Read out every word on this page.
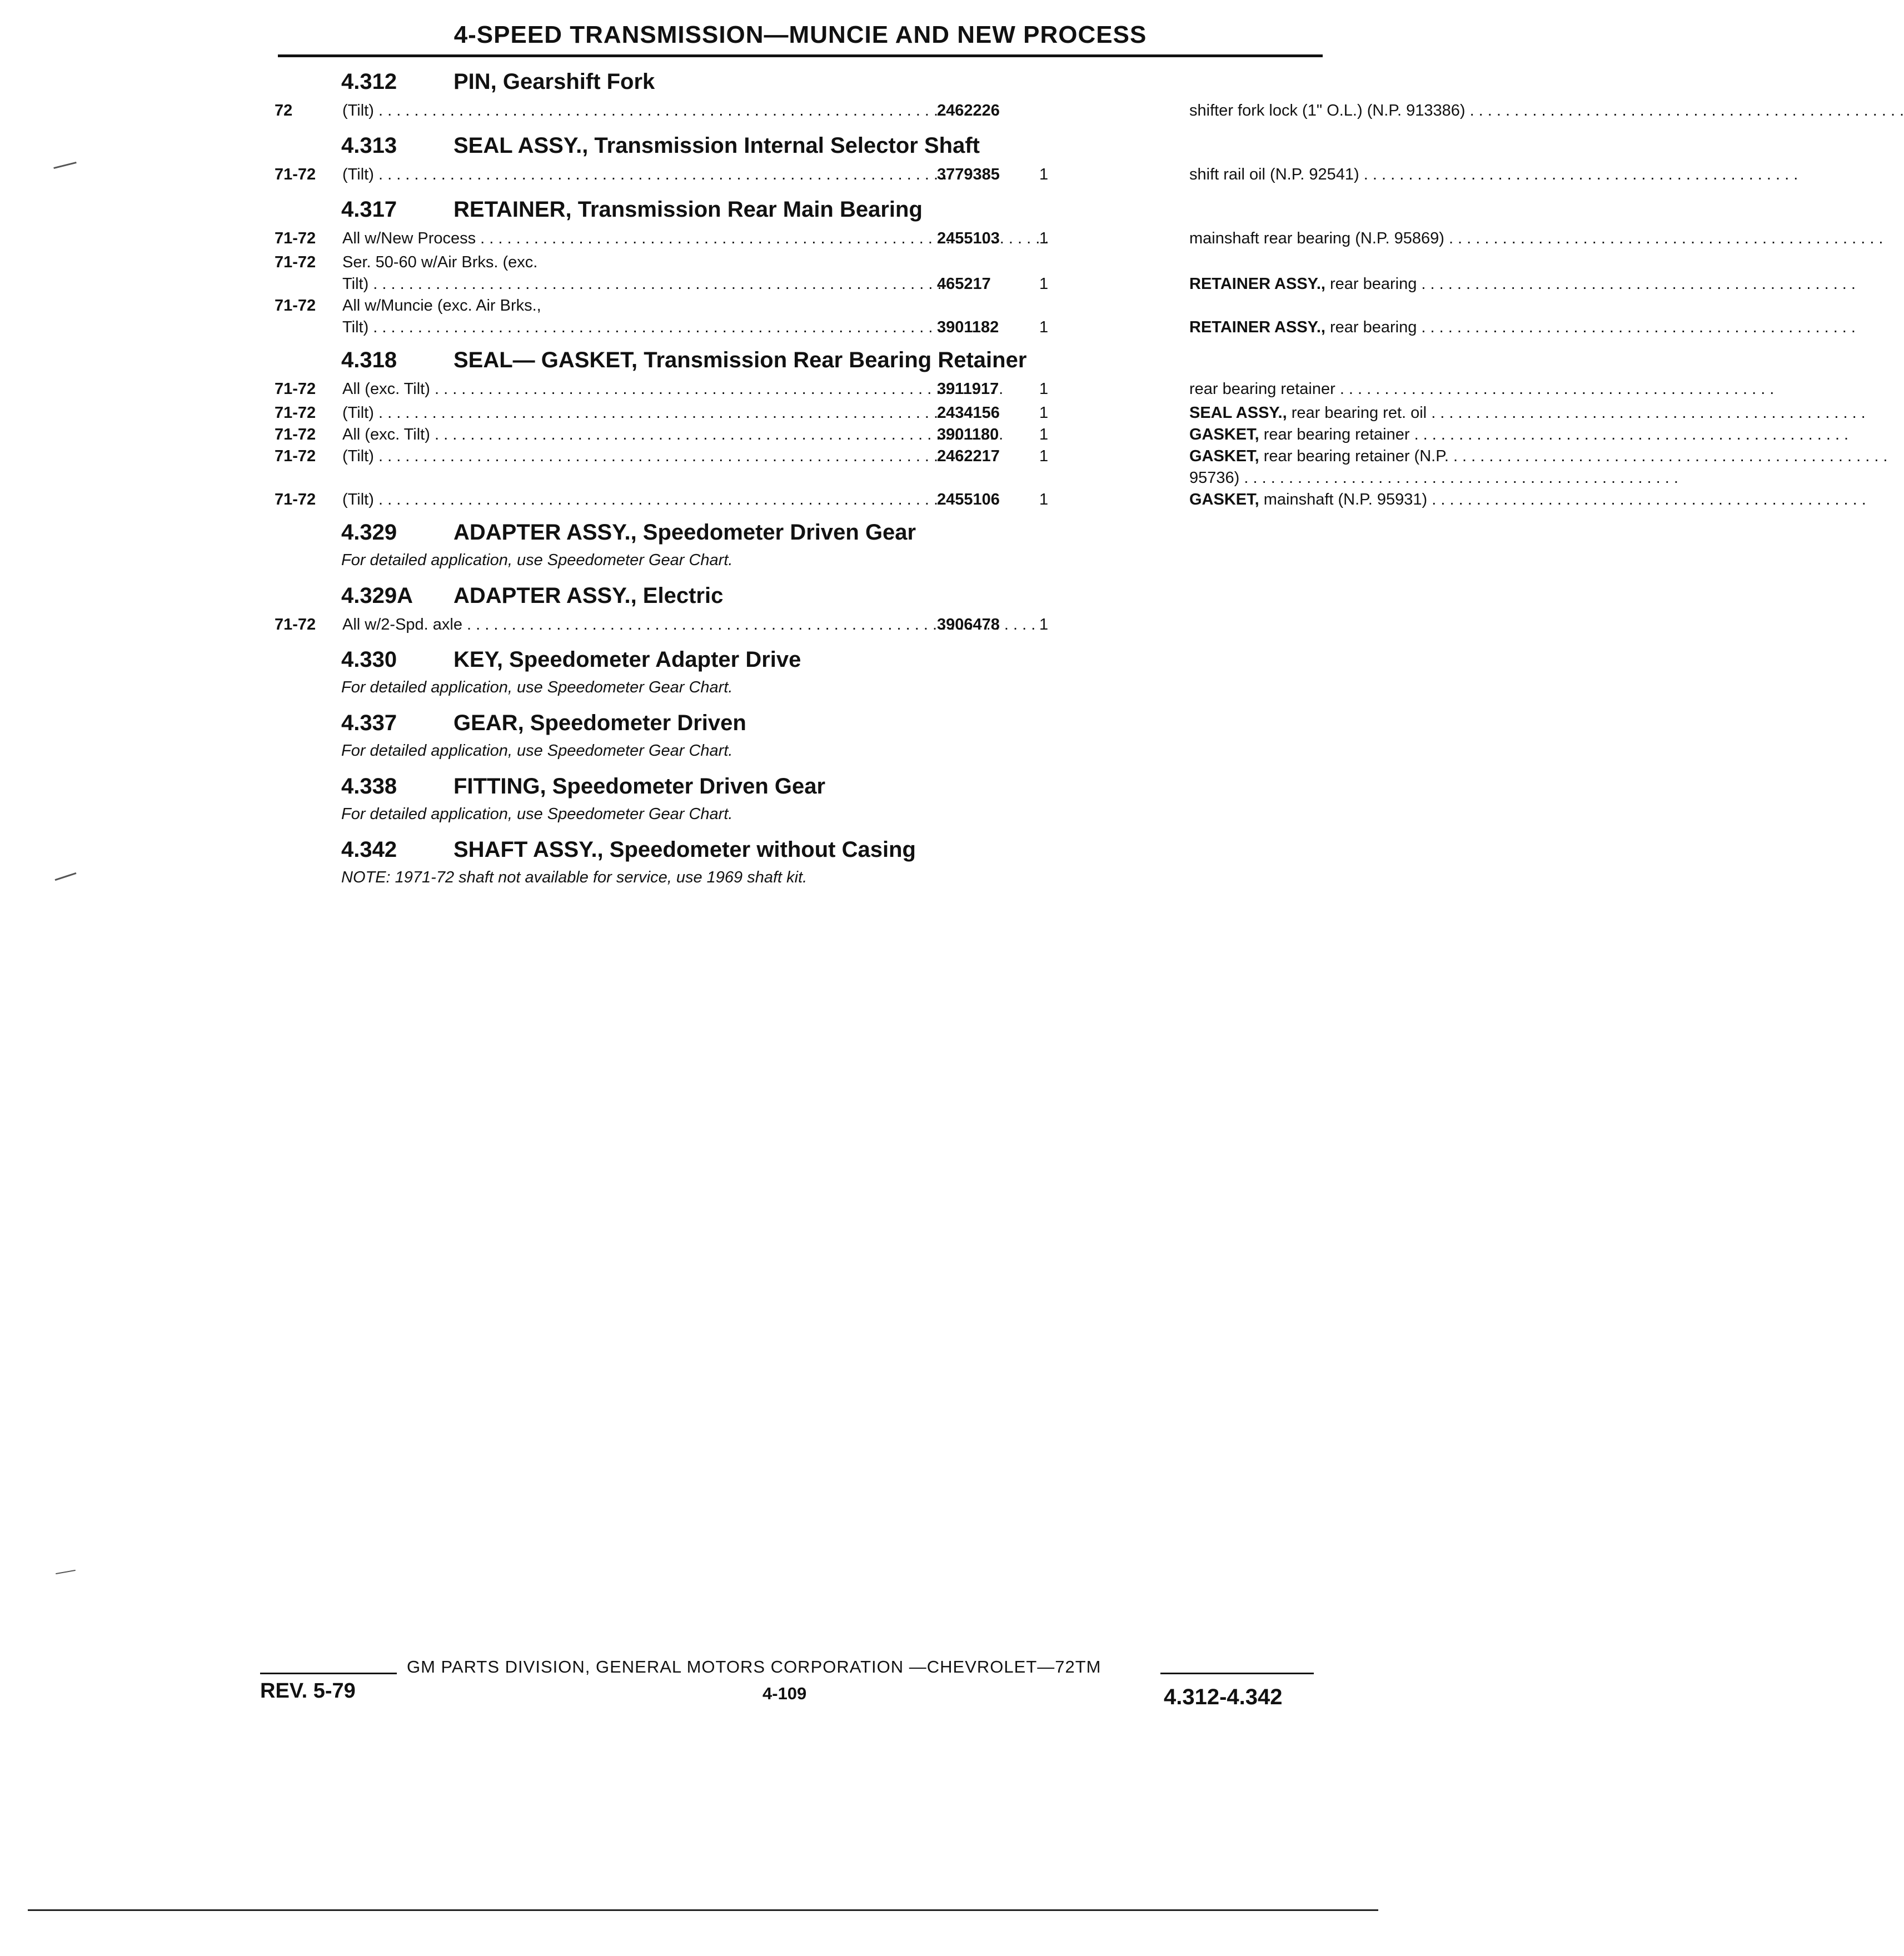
4-SPEED TRANSMISSION—MUNCIE AND NEW PROCESS
4.312	PIN, Gearshift Fork
72	(Tilt) . . .	2462226	shifter fork lock (1" O.L.) (N.P. 913386) . . .
4.313	SEAL ASSY., Transmission Internal Selector Shaft
71-72	(Tilt) . . .	3779385 1	shift rail oil (N.P. 92541) . . .
4.317	RETAINER, Transmission Rear Main Bearing
71-72	All w/New Process . . .	2455103 1	mainshaft rear bearing (N.P. 95869) . . .
71-72	Ser. 50-60 w/Air Brks. (exc.
Tilt) . . .	465217	1	RETAINER ASSY., rear bearing . . .
71-72	All w/Muncie (exc. Air Brks.,
Tilt) . . .	3901182	1	RETAINER ASSY., rear bearing . . .
4.318	SEAL— GASKET, Transmission Rear Bearing Retainer
71-72	All (exc. Tilt) . . .	3911917	1	rear bearing retainer . . .
71-72	(Tilt) . . .	2434156 1	SEAL ASSY., rear bearing ret. oil . . .
71-72	All (exc. Tilt) . . .	3901180	1	GASKET, rear bearing retainer . . .
71-72	(Tilt) . . .	2462217 1	GASKET, rear bearing retainer (N.P. . . .
95736) . . .
71-72	(Tilt) . . .	2455106 1	GASKET, mainshaft (N.P. 95931) . . .
4.329	ADAPTER ASSY., Speedometer Driven Gear
For detailed application, use Speedometer Gear Chart.
4.329A ADAPTER ASSY., Electric
71-72	All w/2-Spd. axle . . .	3906478 1
4.330	KEY, Speedometer Adapter Drive
For detailed application, use Speedometer Gear Chart.
4.337	GEAR, Speedometer Driven
For detailed application, use Speedometer Gear Chart.
4.338	FITTING, Speedometer Driven Gear
For detailed application, use Speedometer Gear Chart.
4.342	SHAFT ASSY., Speedometer without Casing
NOTE: 1971-72 shaft not available for service, use 1969 shaft kit.
GM PARTS DIVISION, GENERAL MOTORS CORPORATION —CHEVROLET—72TM
REV. 5-79	4-109	4.312-4.342
